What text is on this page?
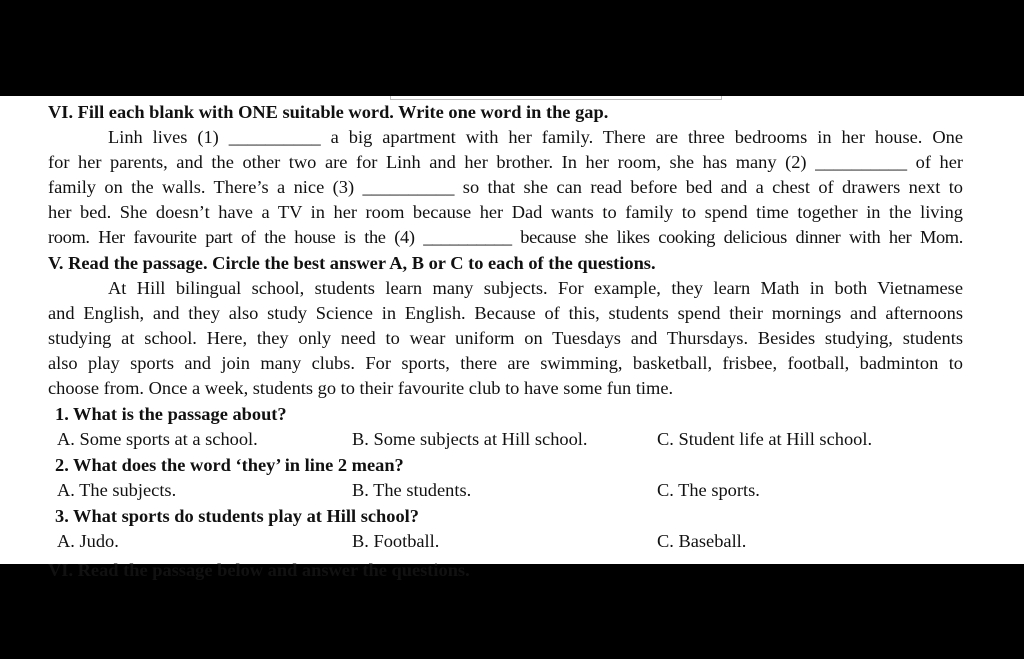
VI. Fill each blank with ONE suitable word. Write one word in the gap.
Linh lives (1) __________ a big apartment with her family. There are three bedrooms in her house. One
for her parents, and the other two are for Linh and her brother. In her room, she has many (2) __________ of her
family on the walls. There’s a nice (3) __________ so that she can read before bed and a chest of drawers next to
her bed. She doesn’t have a TV in her room because her Dad wants to family to spend time together in the living
room. Her favourite part of the house is the (4) __________ because she likes cooking delicious dinner with her Mom.
V. Read the passage. Circle the best answer A, B or C to each of the questions.
At Hill bilingual school, students learn many subjects. For example, they learn Math in both Vietnamese
and English, and they also study Science in English. Because of this, students spend their mornings and afternoons
studying at school. Here, they only need to wear uniform on Tuesdays and Thursdays. Besides studying, students
also play sports and join many clubs. For sports, there are swimming, basketball, frisbee, football, badminton to
choose from. Once a week, students go to their favourite club to have some fun time.
1. What is the passage about?
A. Some sports at a school.	B. Some subjects at Hill school.	C. Student life at Hill school.
2. What does the word ‘they’ in line 2 mean?
A. The subjects.	B. The students.	C. The sports.
3. What sports do students play at Hill school?
A. Judo.	B. Football.	C. Baseball.
VI. Read the passage below and answer the questions.
